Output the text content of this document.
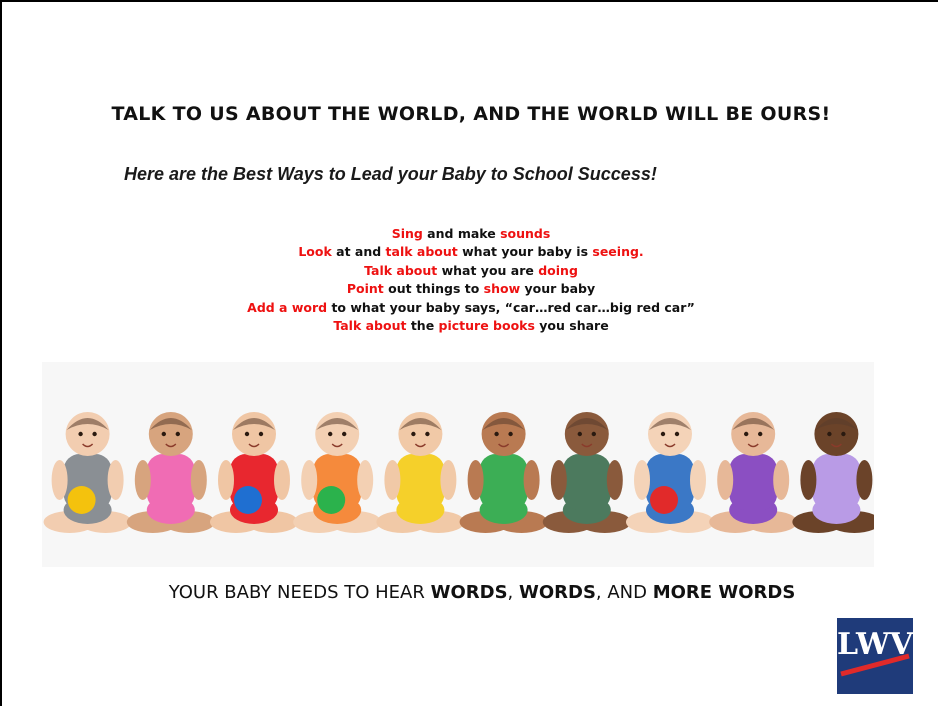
TALK TO US ABOUT THE WORLD, AND THE WORLD WILL BE OURS!
Here are the Best Ways to Lead your Baby to School Success!
Sing and make sounds
Look at and talk about what your baby is seeing.
Talk about what you are doing
Point out things to show your baby
Add a word to what your baby says, “car…red car…big red car”
Talk about the picture books you share
YOUR BABY NEEDS TO HEAR WORDS, WORDS, AND MORE WORDS
LWV
